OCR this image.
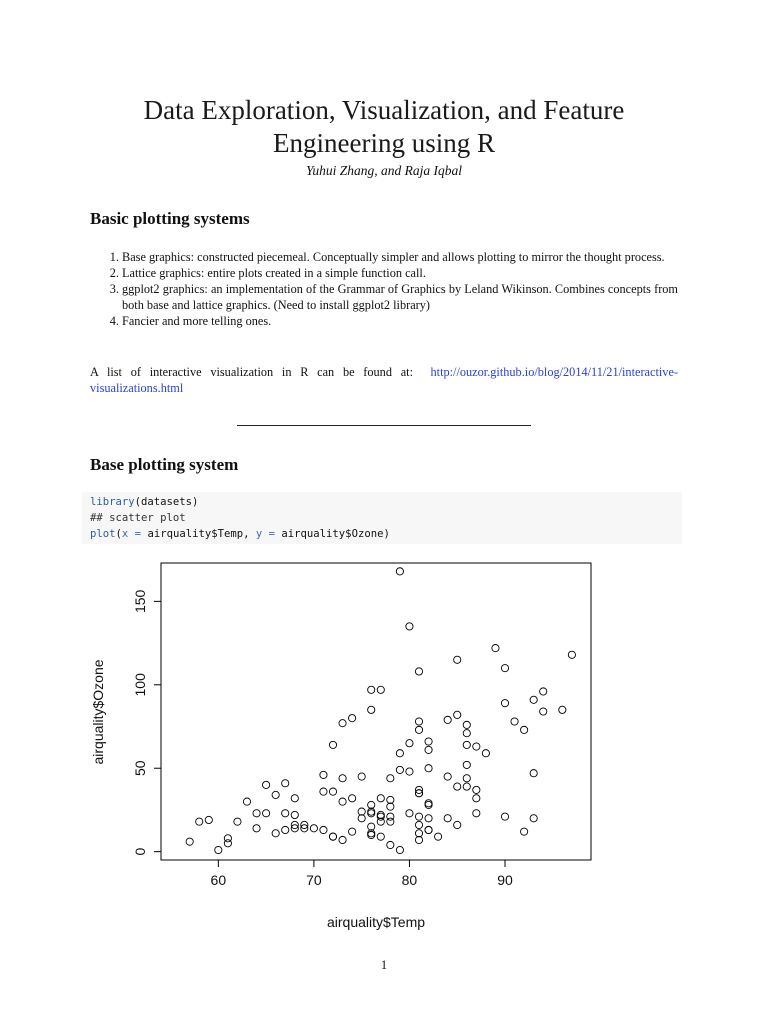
Data Exploration, Visualization, and Feature
Engineering using R
Yuhui Zhang, and Raja Iqbal
Basic plotting systems
1. Base graphics: constructed piecemeal. Conceptually simpler and allows plotting to mirror the thought process.
2. Lattice graphics: entire plots created in a simple function call.
3. ggplot2 graphics: an implementation of the Grammar of Graphics by Leland Wikinson. Combines concepts from both base and lattice graphics. (Need to install ggplot2 library)
4. Fancier and more telling ones.
A list of interactive visualization in R can be found at: http://ouzor.github.io/blog/2014/11/21/interactive-visualizations.html
Base plotting system
library(datasets)
## scatter plot
plot(x = airquality$Temp, y = airquality$Ozone)
60	70	80	90
0
50
100
150
airquality$Temp
airquality$Ozone
1
